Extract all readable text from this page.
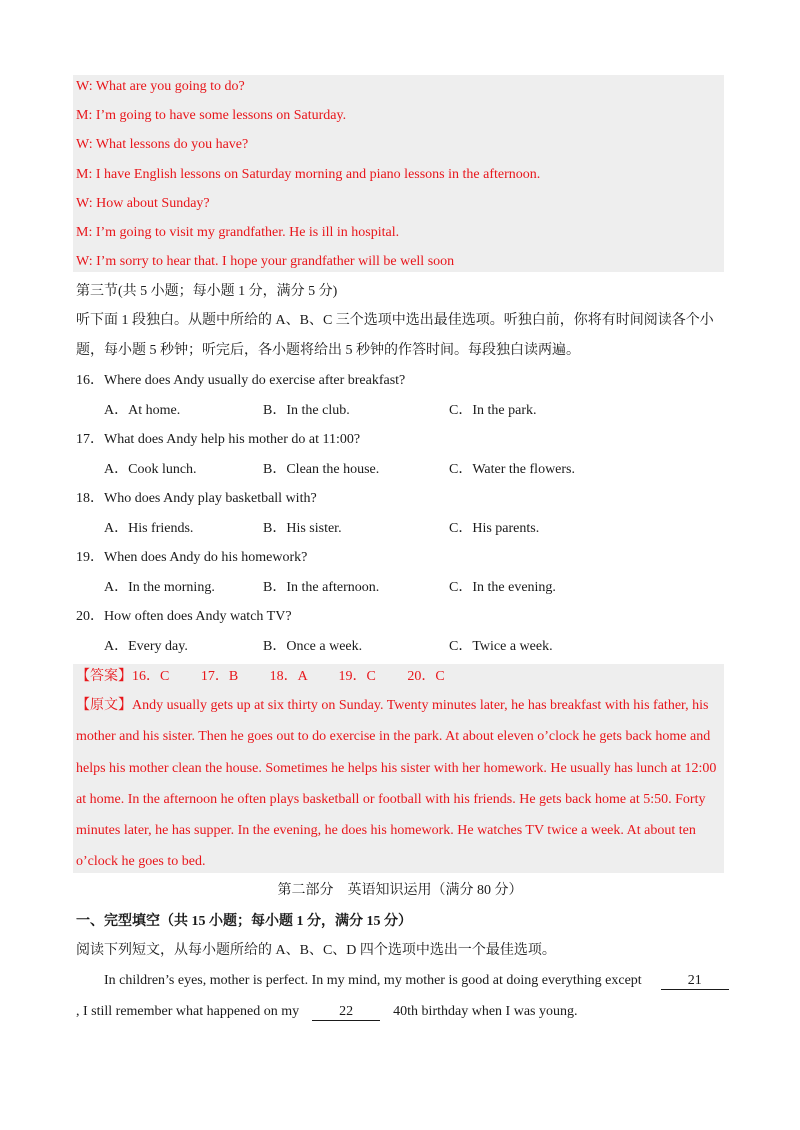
W: What are you going to do?
M: I’m going to have some lessons on Saturday.
W: What lessons do you have?
M: I have English lessons on Saturday morning and piano lessons in the afternoon.
W: How about Sunday?
M: I’m going to visit my grandfather. He is ill in hospital.
W: I’m sorry to hear that. I hope your grandfather will be well soon
第三节(共 5 小题；每小题 1 分，满分 5 分)
听下面 1 段独白。从题中所给的 A、B、C 三个选项中选出最佳选项。听独白前，你将有时间阅读各个小
题，每小题 5 秒钟；听完后，各小题将给出 5 秒钟的作答时间。每段独白读两遍。
16．Where does Andy usually do exercise after breakfast?
A．At home.	B．In the club.	C．In the park.
17．What does Andy help his mother do at 11:00?
A．Cook lunch.	B．Clean the house.	C．Water the flowers.
18．Who does Andy play basketball with?
A．His friends.	B．His sister.	C．His parents.
19．When does Andy do his homework?
A．In the morning.	B．In the afternoon.	C．In the evening.
20．How often does Andy watch TV?
A．Every day.	B．Once a week.	C．Twice a week.
【答案】16．C　　 17．B　　 18．A　　 19．C　　 20．C
【原文】Andy usually gets up at six thirty on Sunday. Twenty minutes later, he has breakfast with his father, his
mother and his sister. Then he goes out to do exercise in the park. At about eleven o’clock he gets back home and
helps his mother clean the house. Sometimes he helps his sister with her homework. He usually has lunch at 12:00
at home. In the afternoon he often plays basketball or football with his friends. He gets back home at 5:50. Forty
minutes later, he has supper. In the evening, he does his homework. He watches TV twice a week. At about ten
o’clock he goes to bed.
第二部分　英语知识运用（满分 80 分）
一、完型填空（共 15 小题；每小题 1 分，满分 15 分）
阅读下列短文，从每小题所给的 A、B、C、D 四个选项中选出一个最佳选项。
In children’s eyes, mother is perfect. In my mind, my mother is good at doing everything except	21
, I still remember what happened on my	22	40th birthday when I was young.
